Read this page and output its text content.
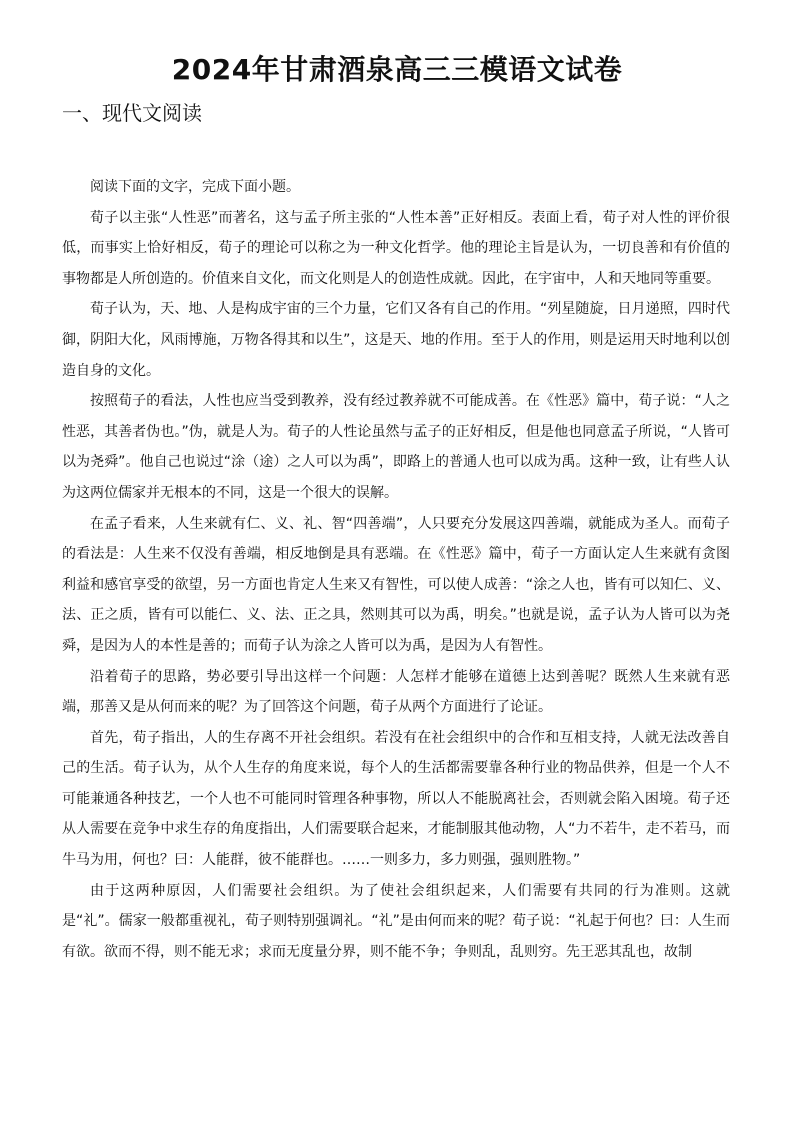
2024年甘肃酒泉高三三模语文试卷
一、现代文阅读

阅读下面的文字，完成下面小题。

荀子以主张“人性恶”而著名，这与孟子所主张的“人性本善”正好相反。表面上看，荀子对人性的评价很低，而事实上恰好相反，荀子的理论可以称之为一种文化哲学。他的理论主旨是认为，一切良善和有价值的事物都是人所创造的。价值来自文化，而文化则是人的创造性成就。因此，在宇宙中，人和天地同等重要。

荀子认为，天、地、人是构成宇宙的三个力量，它们又各有自己的作用。“列星随旋，日月递照，四时代御，阴阳大化，风雨博施，万物各得其和以生”，这是天、地的作用。至于人的作用，则是运用天时地利以创造自身的文化。

按照荀子的看法，人性也应当受到教养，没有经过教养就不可能成善。在《性恶》篇中，荀子说：“人之性恶，其善者伪也。”伪，就是人为。荀子的人性论虽然与孟子的正好相反，但是他也同意孟子所说，“人皆可以为尧舜”。他自己也说过“涂（途）之人可以为禹”，即路上的普通人也可以成为禹。这种一致，让有些人认为这两位儒家并无根本的不同，这是一个很大的误解。

在孟子看来，人生来就有仁、义、礼、智“四善端”，人只要充分发展这四善端，就能成为圣人。而荀子的看法是：人生来不仅没有善端，相反地倒是具有恶端。在《性恶》篇中，荀子一方面认定人生来就有贪图利益和感官享受的欲望，另一方面也肯定人生来又有智性，可以使人成善：“涂之人也，皆有可以知仁、义、法、正之质，皆有可以能仁、义、法、正之具，然则其可以为禹，明矣。”也就是说，孟子认为人皆可以为尧舜，是因为人的本性是善的；而荀子认为涂之人皆可以为禹，是因为人有智性。

沿着荀子的思路，势必要引导出这样一个问题：人怎样才能够在道德上达到善呢？既然人生来就有恶端，那善又是从何而来的呢？为了回答这个问题，荀子从两个方面进行了论证。

首先，荀子指出，人的生存离不开社会组织。若没有在社会组织中的合作和互相支持，人就无法改善自己的生活。荀子认为，从个人生存的角度来说，每个人的生活都需要靠各种行业的物品供养，但是一个人不可能兼通各种技艺，一个人也不可能同时管理各种事物，所以人不能脱离社会，否则就会陷入困境。荀子还从人需要在竞争中求生存的角度指出，人们需要联合起来，才能制服其他动物，人“力不若牛，走不若马，而牛马为用，何也？曰：人能群，彼不能群也。……一则多力，多力则强，强则胜物。”

由于这两种原因，人们需要社会组织。为了使社会组织起来，人们需要有共同的行为准则。这就是“礼”。儒家一般都重视礼，荀子则特别强调礼。“礼”是由何而来的呢？荀子说：“礼起于何也？曰：人生而有欲。欲而不得，则不能无求；求而无度量分界，则不能不争；争则乱，乱则穷。先王恶其乱也，故制
